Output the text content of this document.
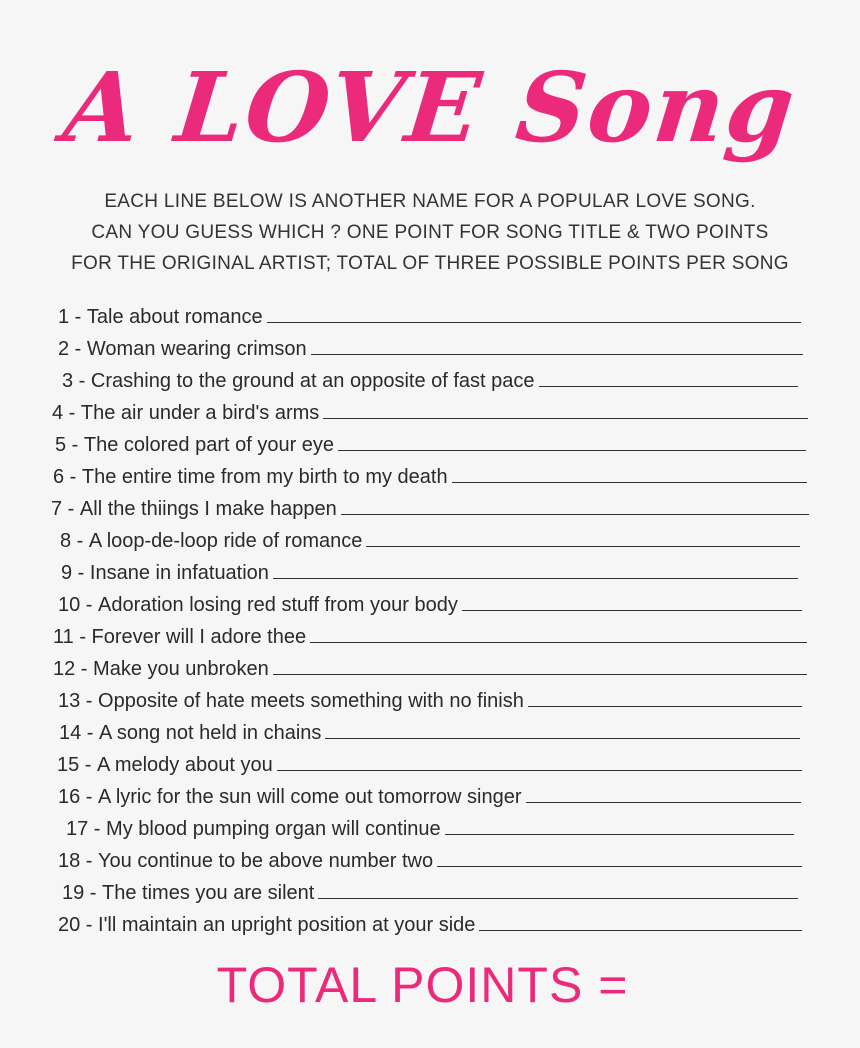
A LOVE Song
EACH LINE BELOW IS ANOTHER NAME FOR A POPULAR LOVE SONG.
CAN YOU GUESS WHICH ? ONE POINT FOR SONG TITLE & TWO POINTS
FOR THE ORIGINAL ARTIST; TOTAL OF THREE POSSIBLE POINTS PER SONG
1 - Tale about romance
2 - Woman wearing crimson
3 - Crashing to the ground at an opposite of fast pace
4 - The air under a bird's arms
5 - The colored part of your eye
6 - The entire time from my birth to my death
7 - All the thiings I make happen
8 - A loop-de-loop ride of romance
9 - Insane in infatuation
10 - Adoration losing red stuff from your body
11 - Forever will I adore thee
12 - Make you unbroken
13 - Opposite of hate meets something with no finish
14 - A song not held in chains
15 - A melody about you
16 - A lyric for the sun will come out tomorrow singer
17 - My blood pumping organ will continue
18 - You continue to be above number two
19 - The times you are silent
20 - I'll maintain an upright position at your side
TOTAL POINTS =
